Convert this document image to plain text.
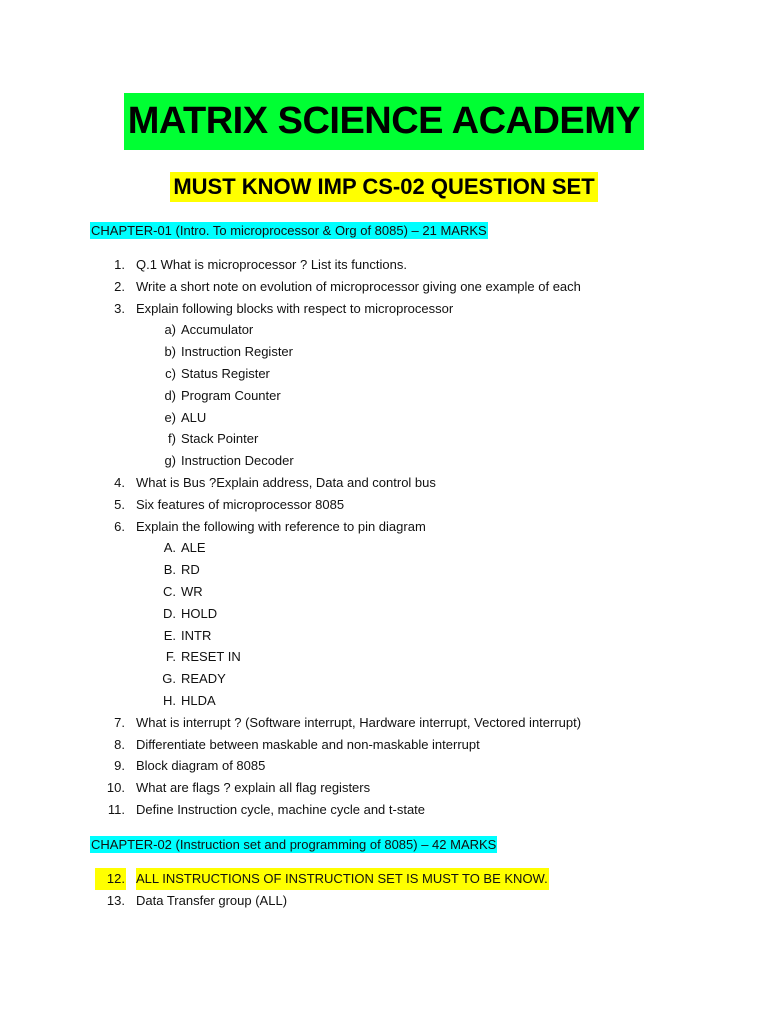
MATRIX SCIENCE ACADEMY
MUST KNOW IMP CS-02 QUESTION SET
CHAPTER-01 (Intro. To microprocessor & Org of 8085) – 21 MARKS
1. Q.1 What is microprocessor ? List its functions.
2. Write a short note on evolution of microprocessor giving one example of each
3. Explain following blocks with respect to microprocessor
a) Accumulator
b) Instruction Register
c) Status Register
d) Program Counter
e) ALU
f) Stack Pointer
g) Instruction Decoder
4. What is Bus ?Explain address, Data and control bus
5. Six features of microprocessor 8085
6. Explain the following with reference to pin diagram
A. ALE
B. RD
C. WR
D. HOLD
E. INTR
F. RESET IN
G. READY
H. HLDA
7. What is interrupt ? (Software interrupt, Hardware interrupt, Vectored interrupt)
8. Differentiate between maskable and non-maskable interrupt
9. Block diagram of 8085
10. What are flags ? explain all flag registers
11. Define Instruction cycle, machine cycle and t-state
CHAPTER-02 (Instruction set and programming of 8085) – 42 MARKS
12. ALL INSTRUCTIONS OF INSTRUCTION SET IS MUST TO BE KNOW.
13. Data Transfer group (ALL)
